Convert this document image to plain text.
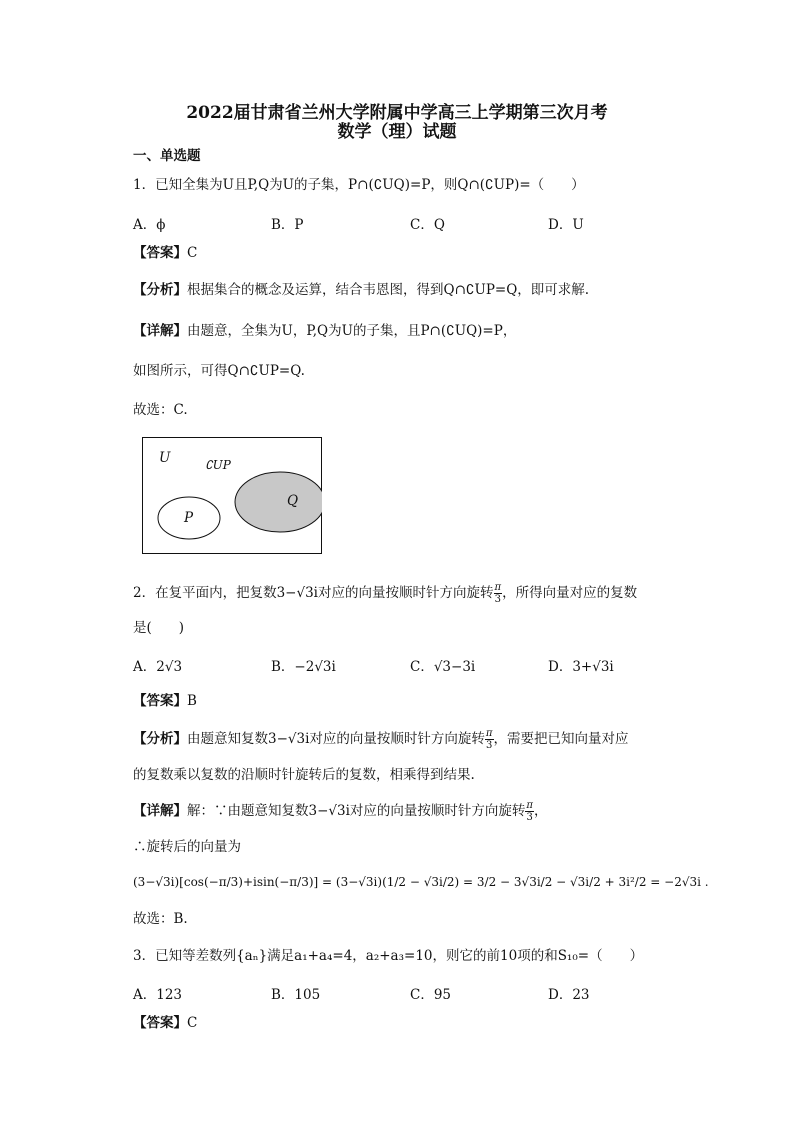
2022届甘肃省兰州大学附属中学高三上学期第三次月考
数学（理）试题
一、单选题
1．已知全集为U且P,Q为U的子集，P∩(∁UQ)=P，则Q∩(∁UP)=（　　）
A．ϕ	B．P	C．Q	D．U
【答案】C
【分析】根据集合的概念及运算，结合韦恩图，得到Q∩∁UP=Q，即可求解.
【详解】由题意，全集为U，P,Q为U的子集，且P∩(∁UQ)=P，
如图所示，可得Q∩∁UP=Q.
故选：C.
U	∁UP
P
Q
2．在复平面内，把复数3−√3i对应的向量按顺时针方向旋转 $\frac{\pi}{3}$ ，所得向量对应的复数
是(　　)
A．2√3	B．−2√3i	C．√3−3i	D．3+√3i
【答案】B
【分析】由题意知复数3−√3i对应的向量按顺时针方向旋转 $\frac{\pi}{3}$ ，需要把已知向量对应
的复数乘以复数的沿顺时针旋转后的复数，相乘得到结果.
【详解】解：∵由题意知复数3−√3i对应的向量按顺时针方向旋转 $\frac{\pi}{3}$ ，
∴旋转后的向量为
(3−√3i)[cos(−π/3)+isin(−π/3)] = (3−√3i)(1/2 − √3i/2) = 3/2 − 3√3i/2 − √3i/2 + 3i²/2 = −2√3i .
故选：B.
3．已知等差数列{aₙ}满足a₁+a₄=4，a₂+a₃=10，则它的前10项的和S₁₀=（　　）
A．123	B．105	C．95	D．23
【答案】C
